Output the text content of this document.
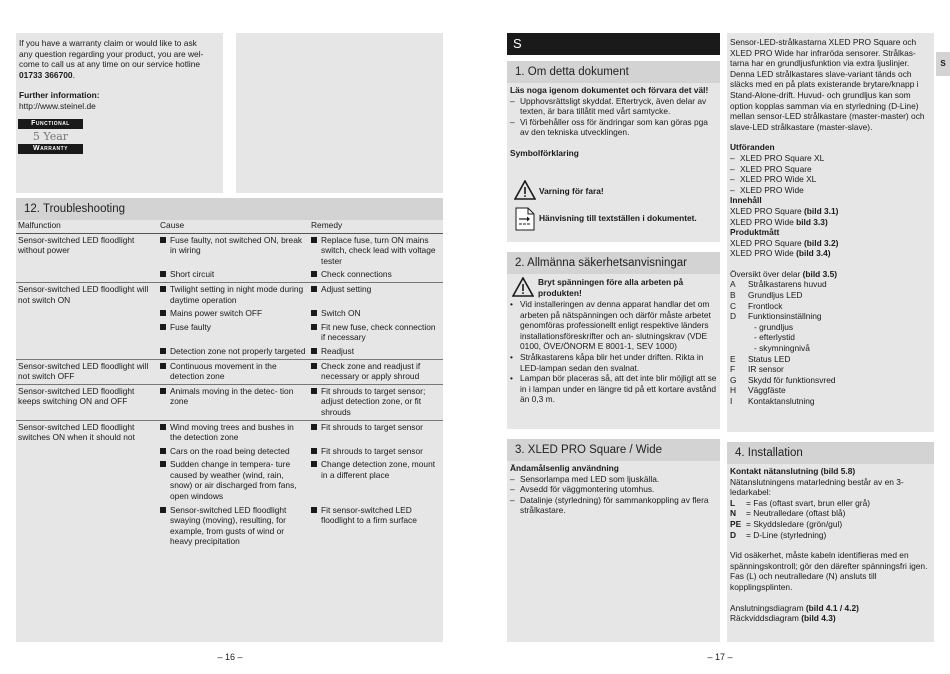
If you have a warranty claim or would like to ask
any question regarding your product, you are wel-
come to call us at any time on our service hotline
01733 366700.
Further information:
http://www.steinel.de
Functional
5 Year
Warranty
12. Troubleshooting
Malfunction	Cause	Remedy
Sensor-switched LED floodlight without power	Fuse faulty, not switched ON, break in wiring	Replace fuse, turn ON mains switch, check lead with voltage tester

	Short circuit	Check connections

Sensor-switched LED floodlight will not switch ON	Twilight setting in night mode during daytime operation	Adjust setting

	Mains power switch OFF	Switch ON

	Fuse faulty	Fit new fuse, check connection if necessary

	Detection zone not properly targeted	Readjust

Sensor-switched LED floodlight will not switch OFF	Continuous movement in the detection zone	Check zone and readjust if necessary or apply shroud

Sensor-switched LED floodlight keeps switching ON and OFF	Animals moving in the detec- tion zone	Fit shrouds to target sensor; adjust detection zone, or fit shrouds

Sensor-switched LED floodlight switches ON when it should not	Wind moving trees and bushes in the detection zone	Fit shrouds to target sensor

	Cars on the road being detected	Fit shrouds to target sensor

	Sudden change in tempera- ture caused by weather (wind, rain, snow) or air discharged from fans, open windows	Change detection zone, mount in a different place

	Sensor-switched LED floodlight swaying (moving), resulting, for example, from gusts of wind or heavy precipitation	Fit sensor-switched LED floodlight to a firm surface
– 16 –
S
1. Om detta dokument
Läs noga igenom dokumentet och förvara det väl!
– Upphovsrättsligt skyddat. Eftertryck, även delar av texten, är bara tillåtit med vårt samtycke.
– Vi förbehåller oss för ändringar som kan göras pga av den tekniska utvecklingen.
Symbolförklaring
Varning för fara!
Hänvisning till textställen i dokumentet.
2. Allmänna säkerhetsanvisningar
Bryt spänningen före alla arbeten på produkten!
• Vid installeringen av denna apparat handlar det om arbeten på nätspänningen och därför måste arbetet genomföras professionellt enligt respektive länders installationsföreskrifter och an- slutningskrav (VDE 0100, ÖVE/ÖNORM E 8001-1, SEV 1000)
• Strålkastarens kåpa blir het under driften. Rikta in LED-lampan sedan den svalnat.
• Lampan bör placeras så, att det inte blir möjligt att se in i lampan under en längre tid på ett kortare avstånd än 0,3 m.
3. XLED PRO Square / Wide
Ändamålsenlig användning
– Sensorlampa med LED som ljuskälla.
– Avsedd för väggmontering utomhus.
– Datalinje (styrledning) för sammankoppling av flera strålkastare.
Sensor-LED-strålkastarna XLED PRO Square och XLED PRO Wide har infraröda sensorer. Strålkas- tarna har en grundljusfunktion via extra ljuslinjer. Denna LED strålkastares slave-variant tänds och släcks med en på plats existerande brytare/knapp i Stand-Alone-drift. Huvud- och grundljus kan som option kopplas samman via en styrledning (D-Line) mellan sensor-LED strålkastare (master-master) och slave-LED strålkastare (master-slave).
Utföranden
– XLED PRO Square XL
– XLED PRO Square
– XLED PRO Wide XL
– XLED PRO Wide
Innehåll
XLED PRO Square (bild 3.1)
XLED PRO Wide bild 3.3)
Produktmått
XLED PRO Square (bild 3.2)
XLED PRO Wide (bild 3.4)
Översikt över delar (bild 3.5)
A	Strålkastarens huvud
B	Grundljus LED
C	Frontlock
D	Funktionsinställning
- grundljus
- efterlystid
- skymningnivå
E	Status LED
F	IR sensor
G	Skydd för funktionsvred
H	Väggfäste
I	Kontaktanslutning
4. Installation
Kontakt nätanslutning (bild 5.8)
Nätanslutningens matarledning består av en 3-ledarkabel:
L	= Fas (oftast svart, brun eller grå)
N	= Neutralledare (oftast blå)
PE = Skyddsledare (grön/gul)
D	= D-Line (styrledning)
Vid osäkerhet, måste kabeln identifieras med en spänningskontroll; gör den därefter spänningsfri igen. Fas (L) och neutralledare (N) ansluts till kopplingsplinten.
Anslutningsdiagram (bild 4.1 / 4.2)
Räckviddsdiagram (bild 4.3)
S
– 17 –
